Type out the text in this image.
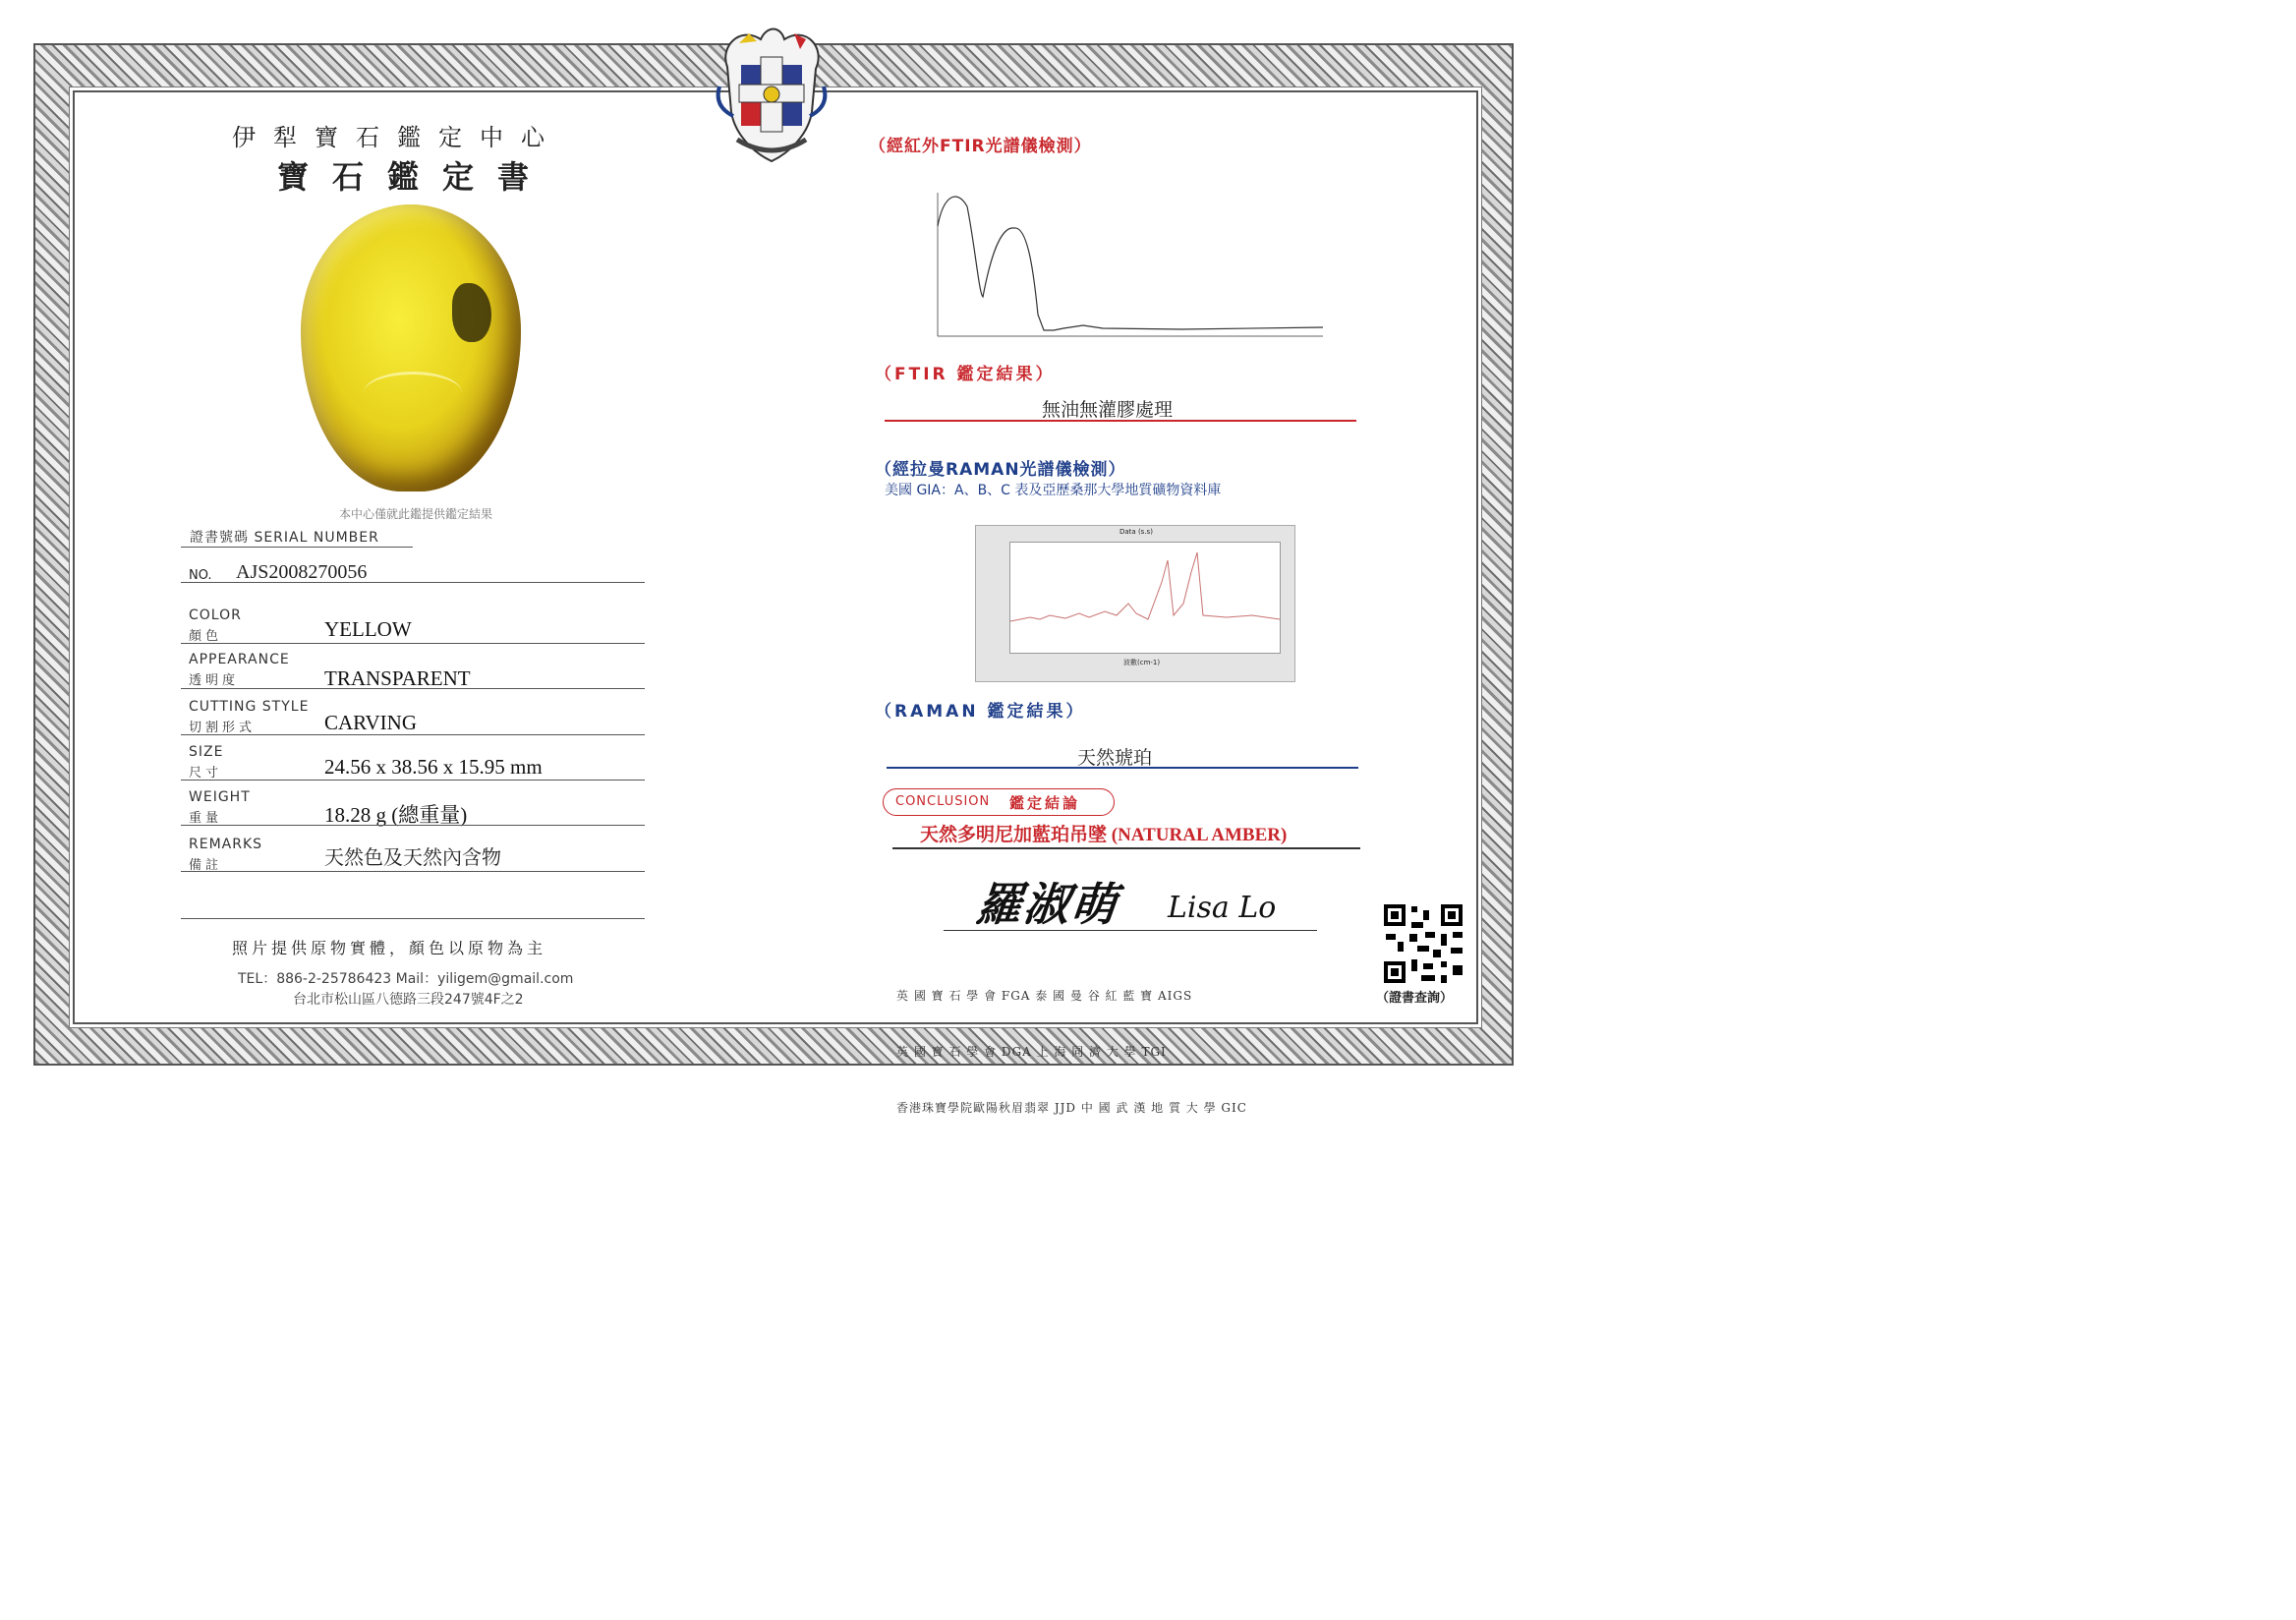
伊犁寶石鑑定中心
寶石鑑定書
本中心僅就此鑑提供鑑定結果
證書號碼 SERIAL NUMBER
NO. AJS2008270056
COLOR
顏色	YELLOW
APPEARANCE
透明度	TRANSPARENT
CUTTING STYLE
切割形式	CARVING
SIZE
尺寸	24.56 x 38.56 x 15.95 mm
WEIGHT
重量	18.28 g (總重量)
REMARKS
備註	天然色及天然內含物
照片提供原物實體，顏色以原物為主
TEL：886-2-25786423 Mail：yiligem@gmail.com
台北市松山區八德路三段247號4F之2
（經紅外FTIR光譜儀檢測）
（FTIR 鑑定結果）
無油無灌膠處理
（經拉曼RAMAN光譜儀檢測）
美國 GIA：A、B、C 表及亞歷桑那大學地質礦物資料庫
Data (s.s)
波數(cm-1)
（RAMAN 鑑定結果）
天然琥珀
CONCLUSION 鑑定結論
天然多明尼加藍珀吊墜 (NATURAL AMBER)
羅淑萌 Lisa Lo

英 國 寶 石 學 會 FGA 泰 國 曼 谷 紅 藍 寶 AIGS

英 國 寶 石 學 會 DGA 上 海 同 濟 大 學 TGI

香港珠寶學院歐陽秋眉翡翠 JJD 中 國 武 漢 地 質 大 學 GIC

（證書查詢）
